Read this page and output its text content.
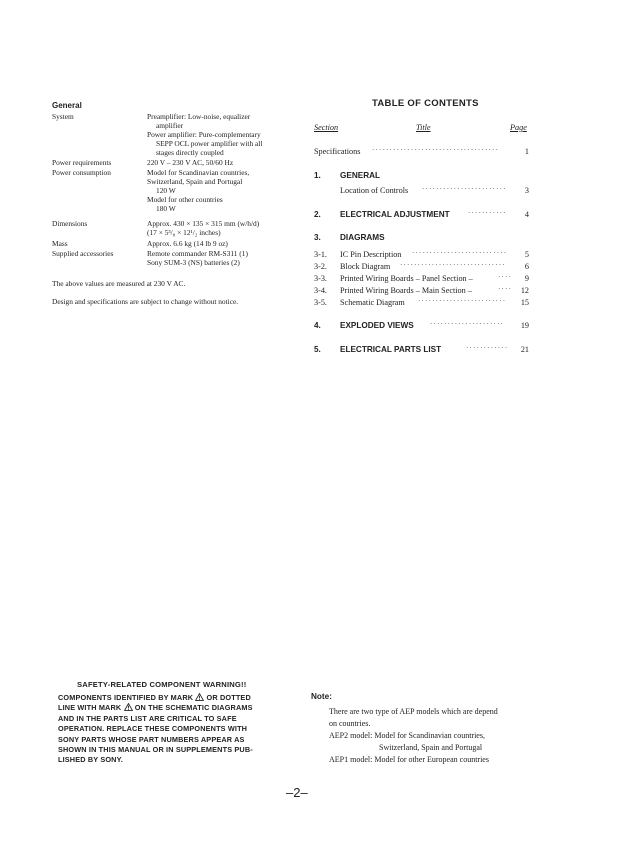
General
System	Preamplifier: Low-noise, equalizer
amplifier
Power amplifier: Pure-complementary
SEPP OCL power amplifier with all
stages directly coupled
Power requirements	220 V – 230 V AC, 50/60 Hz
Power consumption	Model for Scandinavian countries,
Switzerland, Spain and Portugal
120 W
Model for other countries
180 W
Dimensions	Approx. 430 × 135 × 315 mm (w/h/d)
(17 × 5³/₈ × 12¹/₂ inches)
Mass	Approx. 6.6 kg (14 lb 9 oz)
Supplied accessories	Remote commander RM-S311 (1)
Sony SUM-3 (NS) batteries (2)
The above values are measured at 230 V AC.
Design and specifications are subject to change without notice.
TABLE OF CONTENTS
Section	Title	Page
Specifications ····································	1
1. GENERAL
Location of Controls ························	3
2. ELECTRICAL ADJUSTMENT	···········	4
3. DIAGRAMS
3-1. IC Pin Description ···························	5
3-2. Block Diagram ······························	6
3-3. Printed Wiring Boards – Panel Section –	····	9
3-4. Printed Wiring Boards – Main Section –	····	12
3-5. Schematic Diagram ·························	15
4. EXPLODED VIEWS ·····················	19
5. ELECTRICAL PARTS LIST	············	21
SAFETY-RELATED COMPONENT WARNING!!
COMPONENTS IDENTIFIED BY MARK OR DOTTED
LINE WITH MARK ON THE SCHEMATIC DIAGRAMS
AND IN THE PARTS LIST ARE CRITICAL TO SAFE
OPERATION. REPLACE THESE COMPONENTS WITH
SONY PARTS WHOSE PART NUMBERS APPEAR AS
SHOWN IN THIS MANUAL OR IN SUPPLEMENTS PUB-
LISHED BY SONY.
Note:
There are two type of AEP models which are depend
on countries.
AEP2 model: Model for Scandinavian countries,
Switzerland, Spain and Portugal
AEP1 model: Model for other European countries
–2–
